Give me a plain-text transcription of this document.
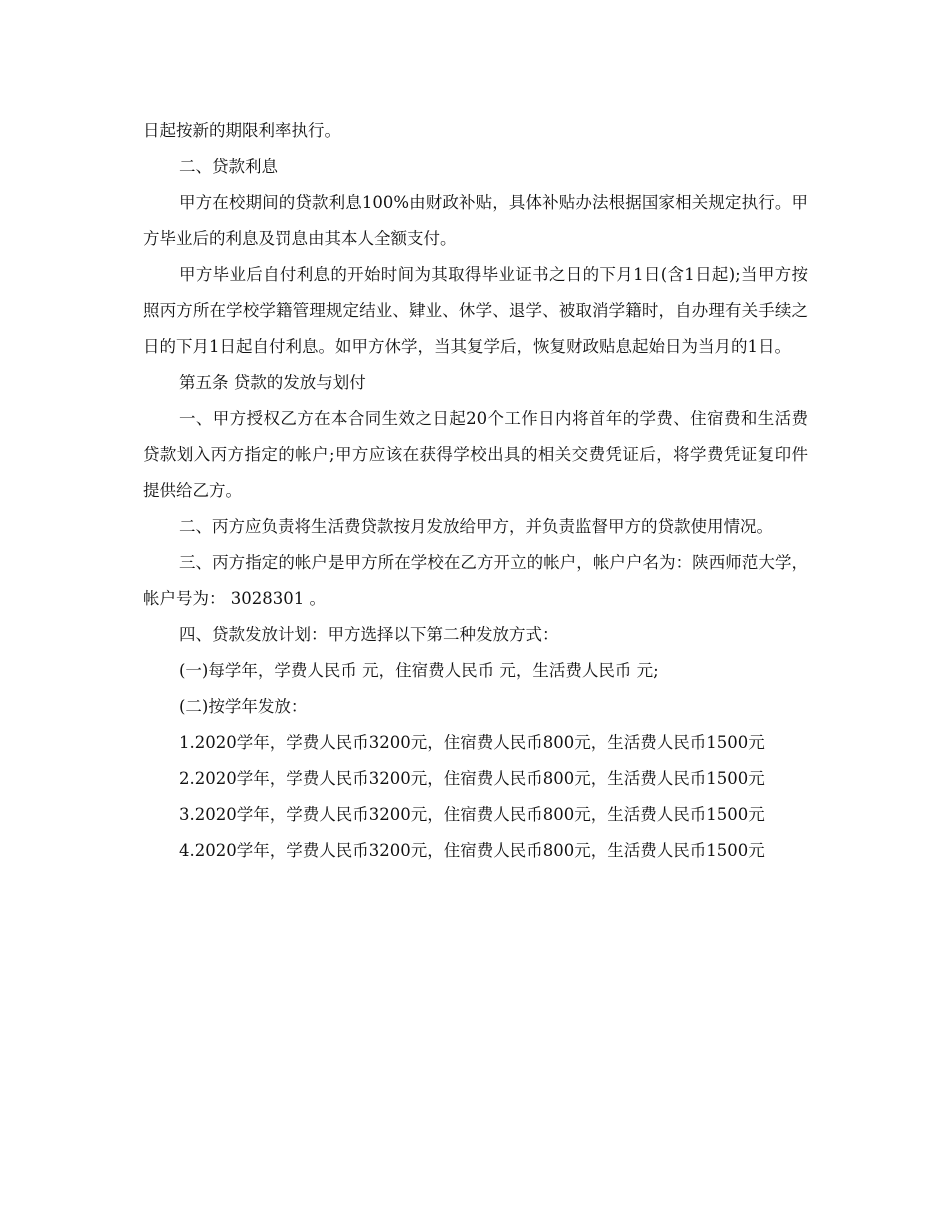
日起按新的期限利率执行。

二、贷款利息

甲方在校期间的贷款利息100%由财政补贴，具体补贴办法根据国家相关规定执行。甲方毕业后的利息及罚息由其本人全额支付。

甲方毕业后自付利息的开始时间为其取得毕业证书之日的下月1日(含1日起);当甲方按照丙方所在学校学籍管理规定结业、肄业、休学、退学、被取消学籍时，自办理有关手续之日的下月1日起自付利息。如甲方休学，当其复学后，恢复财政贴息起始日为当月的1日。

第五条 贷款的发放与划付

一、甲方授权乙方在本合同生效之日起20个工作日内将首年的学费、住宿费和生活费贷款划入丙方指定的帐户;甲方应该在获得学校出具的相关交费凭证后，将学费凭证复印件提供给乙方。

二、丙方应负责将生活费贷款按月发放给甲方，并负责监督甲方的贷款使用情况。

三、丙方指定的帐户是甲方所在学校在乙方开立的帐户，帐户户名为：陕西师范大学， 帐户号为： 3028301 。

四、贷款发放计划：甲方选择以下第二种发放方式：

(一)每学年，学费人民币 元，住宿费人民币 元，生活费人民币 元;

(二)按学年发放：

1.2020学年，学费人民币3200元，住宿费人民币800元，生活费人民币1500元

2.2020学年，学费人民币3200元，住宿费人民币800元，生活费人民币1500元

3.2020学年，学费人民币3200元，住宿费人民币800元，生活费人民币1500元

4.2020学年，学费人民币3200元，住宿费人民币800元，生活费人民币1500元
